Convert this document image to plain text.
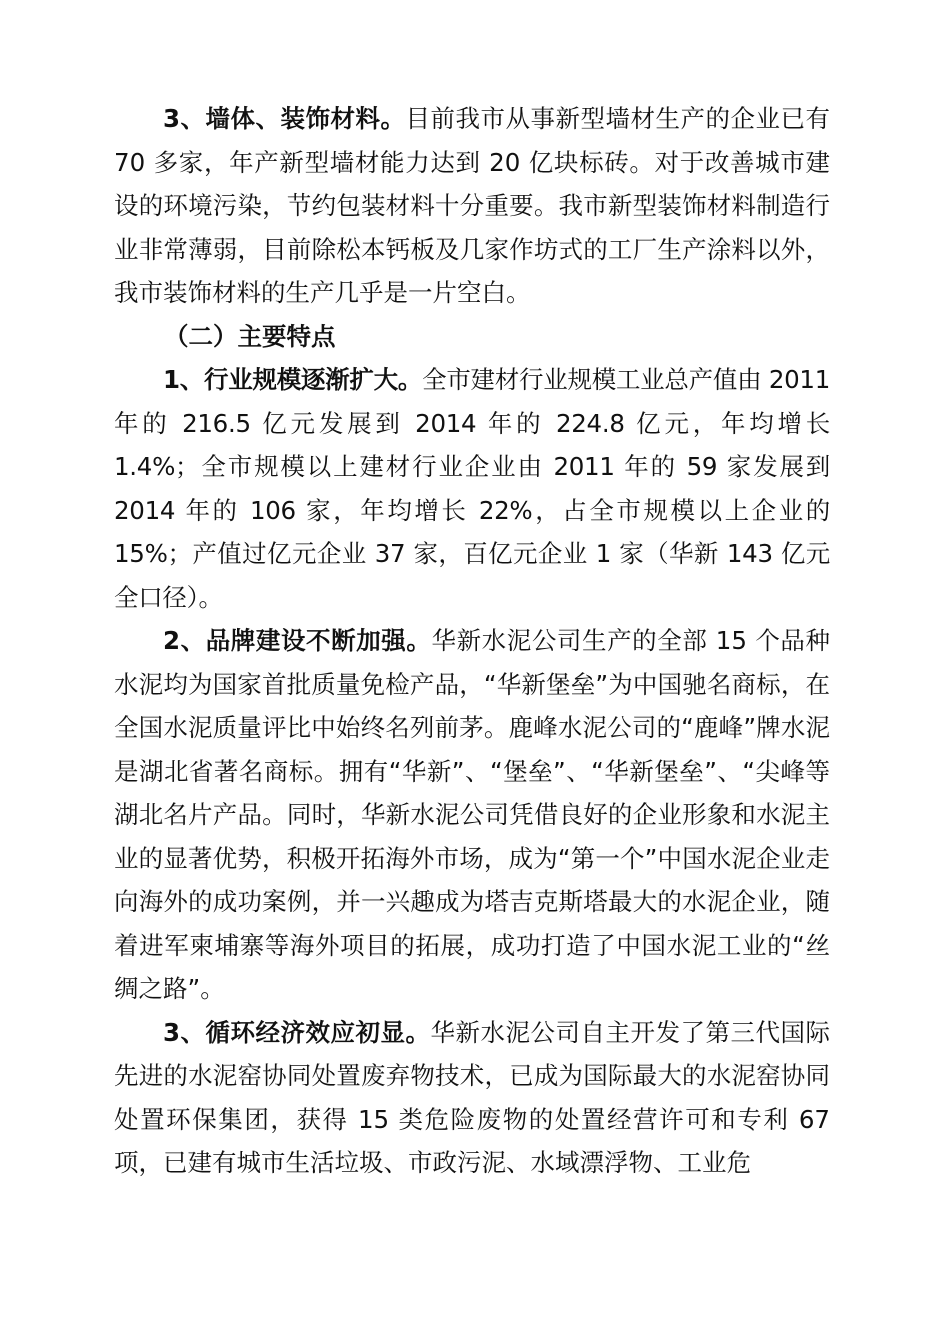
3、墙体、装饰材料。目前我市从事新型墙材生产的企业已有 70 多家，年产新型墙材能力达到 20 亿块标砖。对于改善城市建设的环境污染，节约包装材料十分重要。我市新型装饰材料制造行业非常薄弱，目前除松本钙板及几家作坊式的工厂生产涂料以外，我市装饰材料的生产几乎是一片空白。

（二）主要特点

1、行业规模逐渐扩大。全市建材行业规模工业总产值由 2011 年的 216.5 亿元发展到 2014 年的 224.8 亿元，年均增长 1.4%；全市规模以上建材行业企业由 2011 年的 59 家发展到 2014 年的 106 家，年均增长 22%，占全市规模以上企业的 15%；产值过亿元企业 37 家，百亿元企业 1 家（华新 143 亿元全口径）。

2、品牌建设不断加强。华新水泥公司生产的全部 15 个品种水泥均为国家首批质量免检产品，“华新堡垒”为中国驰名商标，在全国水泥质量评比中始终名列前茅。鹿峰水泥公司的“鹿峰”牌水泥是湖北省著名商标。拥有“华新”、“堡垒”、“华新堡垒”、“尖峰等湖北名片产品。同时，华新水泥公司凭借良好的企业形象和水泥主业的显著优势，积极开拓海外市场，成为“第一个”中国水泥企业走向海外的成功案例，并一兴趣成为塔吉克斯塔最大的水泥企业，随着进军柬埔寨等海外项目的拓展，成功打造了中国水泥工业的“丝绸之路”。

3、循环经济效应初显。华新水泥公司自主开发了第三代国际先进的水泥窑协同处置废弃物技术，已成为国际最大的水泥窑协同处置环保集团，获得 15 类危险废物的处置经营许可和专利 67 项，已建有城市生活垃圾、市政污泥、水域漂浮物、工业危
